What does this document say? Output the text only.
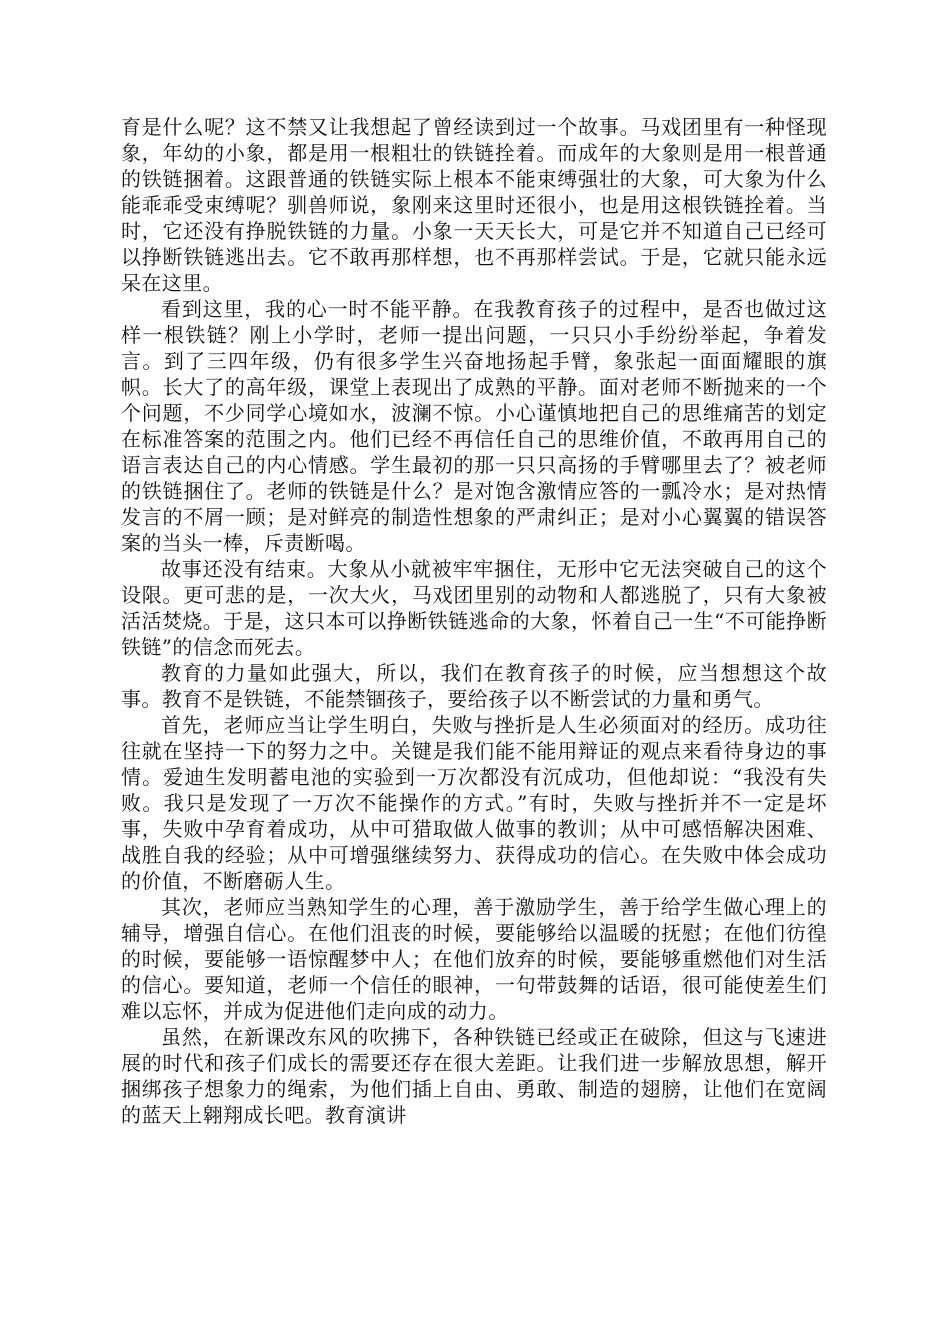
育是什么呢？这不禁又让我想起了曾经读到过一个故事。马戏团里有一种怪现象，年幼的小象，都是用一根粗壮的铁链拴着。而成年的大象则是用一根普通的铁链捆着。这跟普通的铁链实际上根本不能束缚强壮的大象，可大象为什么能乖乖受束缚呢？驯兽师说，象刚来这里时还很小，也是用这根铁链拴着。当时，它还没有挣脱铁链的力量。小象一天天长大，可是它并不知道自己已经可以挣断铁链逃出去。它不敢再那样想，也不再那样尝试。于是，它就只能永远呆在这里。

看到这里，我的心一时不能平静。在我教育孩子的过程中，是否也做过这样一根铁链？刚上小学时，老师一提出问题，一只只小手纷纷举起，争着发言。到了三四年级，仍有很多学生兴奋地扬起手臂，象张起一面面耀眼的旗帜。长大了的高年级，课堂上表现出了成熟的平静。面对老师不断抛来的一个个问题，不少同学心境如水，波澜不惊。小心谨慎地把自己的思维痛苦的划定在标准答案的范围之内。他们已经不再信任自己的思维价值，不敢再用自己的语言表达自己的内心情感。学生最初的那一只只高扬的手臂哪里去了？被老师的铁链捆住了。老师的铁链是什么？是对饱含激情应答的一瓢冷水；是对热情发言的不屑一顾；是对鲜亮的制造性想象的严肃纠正；是对小心翼翼的错误答案的当头一棒，斥责断喝。

故事还没有结束。大象从小就被牢牢捆住，无形中它无法突破自己的这个设限。更可悲的是，一次大火，马戏团里别的动物和人都逃脱了，只有大象被活活焚烧。于是，这只本可以挣断铁链逃命的大象，怀着自己一生“不可能挣断铁链”的信念而死去。

教育的力量如此强大，所以，我们在教育孩子的时候，应当想想这个故事。教育不是铁链，不能禁锢孩子，要给孩子以不断尝试的力量和勇气。

首先，老师应当让学生明白，失败与挫折是人生必须面对的经历。成功往往就在坚持一下的努力之中。关键是我们能不能用辩证的观点来看待身边的事情。爱迪生发明蓄电池的实验到一万次都没有沉成功，但他却说：“我没有失败。我只是发现了一万次不能操作的方式。”有时，失败与挫折并不一定是坏事，失败中孕育着成功，从中可猎取做人做事的教训；从中可感悟解决困难、战胜自我的经验；从中可增强继续努力、获得成功的信心。在失败中体会成功的价值，不断磨砺人生。

其次，老师应当熟知学生的心理，善于激励学生，善于给学生做心理上的辅导，增强自信心。在他们沮丧的时候，要能够给以温暖的抚慰；在他们彷徨的时候，要能够一语惊醒梦中人；在他们放弃的时候，要能够重燃他们对生活的信心。要知道，老师一个信任的眼神，一句带鼓舞的话语，很可能使差生们难以忘怀，并成为促进他们走向成的动力。

虽然，在新课改东风的吹拂下，各种铁链已经或正在破除，但这与飞速进展的时代和孩子们成长的需要还存在很大差距。让我们进一步解放思想，解开捆绑孩子想象力的绳索，为他们插上自由、勇敢、制造的翅膀，让他们在宽阔的蓝天上翱翔成长吧。教育演讲
